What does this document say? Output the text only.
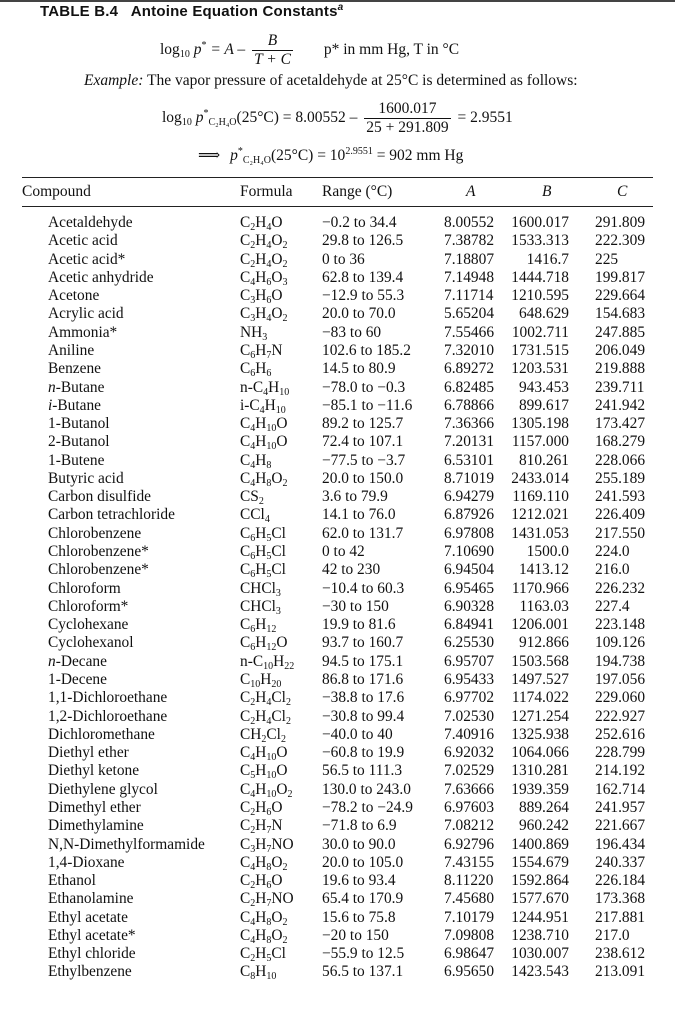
TABLE B.4 Antoine Equation Constants$^a$
$\log_{10} p^* = A - \frac{B}{T + C} p*$ in mm Hg, T in °C
Example: The vapor pressure of acetaldehyde at 25°C is determined as follows:
$\log_{10} p^*_{C_2H_4O}(25^\circ C) = 8.00552 - \frac{1600.017}{25 + 291.809} = 2.9551$
⟹ $p^*_{C_2H_4O}(25^\circ C) = 10^{2.9551} = 902$ mm Hg
Compound	Formula Range (°C)	A	B	C
Acetaldehyde	$C_2H_4O$	−0.2 to 34.4	8.00552 1600.017 291.809
Acetic acid	$C_2H_4O_2$ 29.8 to 126.5	7.38782 1533.313 222.309
Acetic acid*	$C_2H_4O_2$ 0 to 36	7.18807 1416.7 225
Acetic anhydride	$C_4H_6O_3$ 62.8 to 139.4	7.14948 1444.718 199.817
Acetone	$C_3H_6O$	−12.9 to 55.3	7.11714 1210.595 229.664
Acrylic acid	$C_3H_4O_2$ 20.0 to 70.0	5.65204 648.629 154.683
Ammonia*	$NH_3$	−83 to 60	7.55466 1002.711 247.885
Aniline	$C_6H_7N$	102.6 to 185.2 7.32010 1731.515 206.049
Benzene	$C_6H_6$	14.5 to 80.9	6.89272 1203.531 219.888
n-Butane	$n-C_4H_{10} -78.0$ to −0.3	6.82485 943.453 239.711
i-Butane	$i-C_4H_{10} -85.1$ to −11.6 6.78866 899.617 241.942
1-Butanol	$C_4H_{10}O$ 89.2 to 125.7	7.36366 1305.198 173.427
2-Butanol	$C_4H_{10}O$ 72.4 to 107.1	7.20131 1157.000 168.279
1-Butene	$C_4H_8$	−77.5 to −3.7	6.53101 810.261 228.066
Butyric acid	$C_4H_8O_2$ 20.0 to 150.0	8.71019 2433.014 255.189
Carbon disulfide	$CS_2$	3.6 to 79.9	6.94279 1169.110 241.593
Carbon tetrachloride	CCl$_4$	14.1 to 76.0	6.87926 1212.021 226.409
Chlorobenzene	$C_6H_5Cl$ 62.0 to 131.7	6.97808 1431.053 217.550
Chlorobenzene*	$C_6H_5Cl$ 0 to 42	7.10690 1500.0 224.0
Chlorobenzene*	$C_6H_5Cl$ 42 to 230	6.94504 1413.12 216.0
Chloroform	CHCl$_3$	−10.4 to 60.3	6.95465 1170.966 226.232
Chloroform*	CHCl$_3$	−30 to 150	6.90328 1163.03 227.4
Cyclohexane	$C_6H_{12}$	19.9 to 81.6	6.84941 1206.001 223.148
Cyclohexanol	$C_6H_{12}O$ 93.7 to 160.7	6.25530 912.866 109.126
n-Decane	$n-C_{10}H_{22}$ 94.5 to 175.1	6.95707 1503.568 194.738
1-Decene	$C_{10}H_{20}$	86.8 to 171.6	6.95433 1497.527 197.056
1,1-Dichloroethane	$C_2H_4Cl_2 -38.8$ to 17.6	6.97702 1174.022 229.060
1,2-Dichloroethane	$C_2H_4Cl_2 -30.8$ to 99.4	7.02530 1271.254 222.927
Dichloromethane	$CH_2Cl_2 -40.0$ to 40	7.40916 1325.938 252.616
Diethyl ether	$C_4H_{10}O -60.8$ to 19.9	6.92032 1064.066 228.799
Diethyl ketone	$C_5H_{10}O$ 56.5 to 111.3	7.02529 1310.281 214.192
Diethylene glycol	$C_4H_{10}O_2$ 130.0 to 243.0 7.63666 1939.359 162.714
Dimethyl ether	$C_2H_6O$	−78.2 to −24.9 6.97603 889.264 241.957
Dimethylamine	$C_2H_7N$	−71.8 to 6.9	7.08212 960.242 221.667
N,N-Dimethylformamide $C_3H_7NO$ 30.0 to 90.0	6.92796 1400.869 196.434
1,4-Dioxane	$C_4H_8O_2$ 20.0 to 105.0	7.43155 1554.679 240.337
Ethanol	$C_2H_6O$	19.6 to 93.4	8.11220 1592.864 226.184
Ethanolamine	$C_2H_7NO$ 65.4 to 170.9	7.45680 1577.670 173.368
Ethyl acetate	$C_4H_8O_2$ 15.6 to 75.8	7.10179 1244.951 217.881
Ethyl acetate*	$C_4H_8O_2 -20$ to 150	7.09808 1238.710 217.0
Ethyl chloride	$C_2H_5Cl -55.9$ to 12.5	6.98647 1030.007 238.612
Ethylbenzene	$C_8H_{10}$	56.5 to 137.1	6.95650 1423.543 213.091
